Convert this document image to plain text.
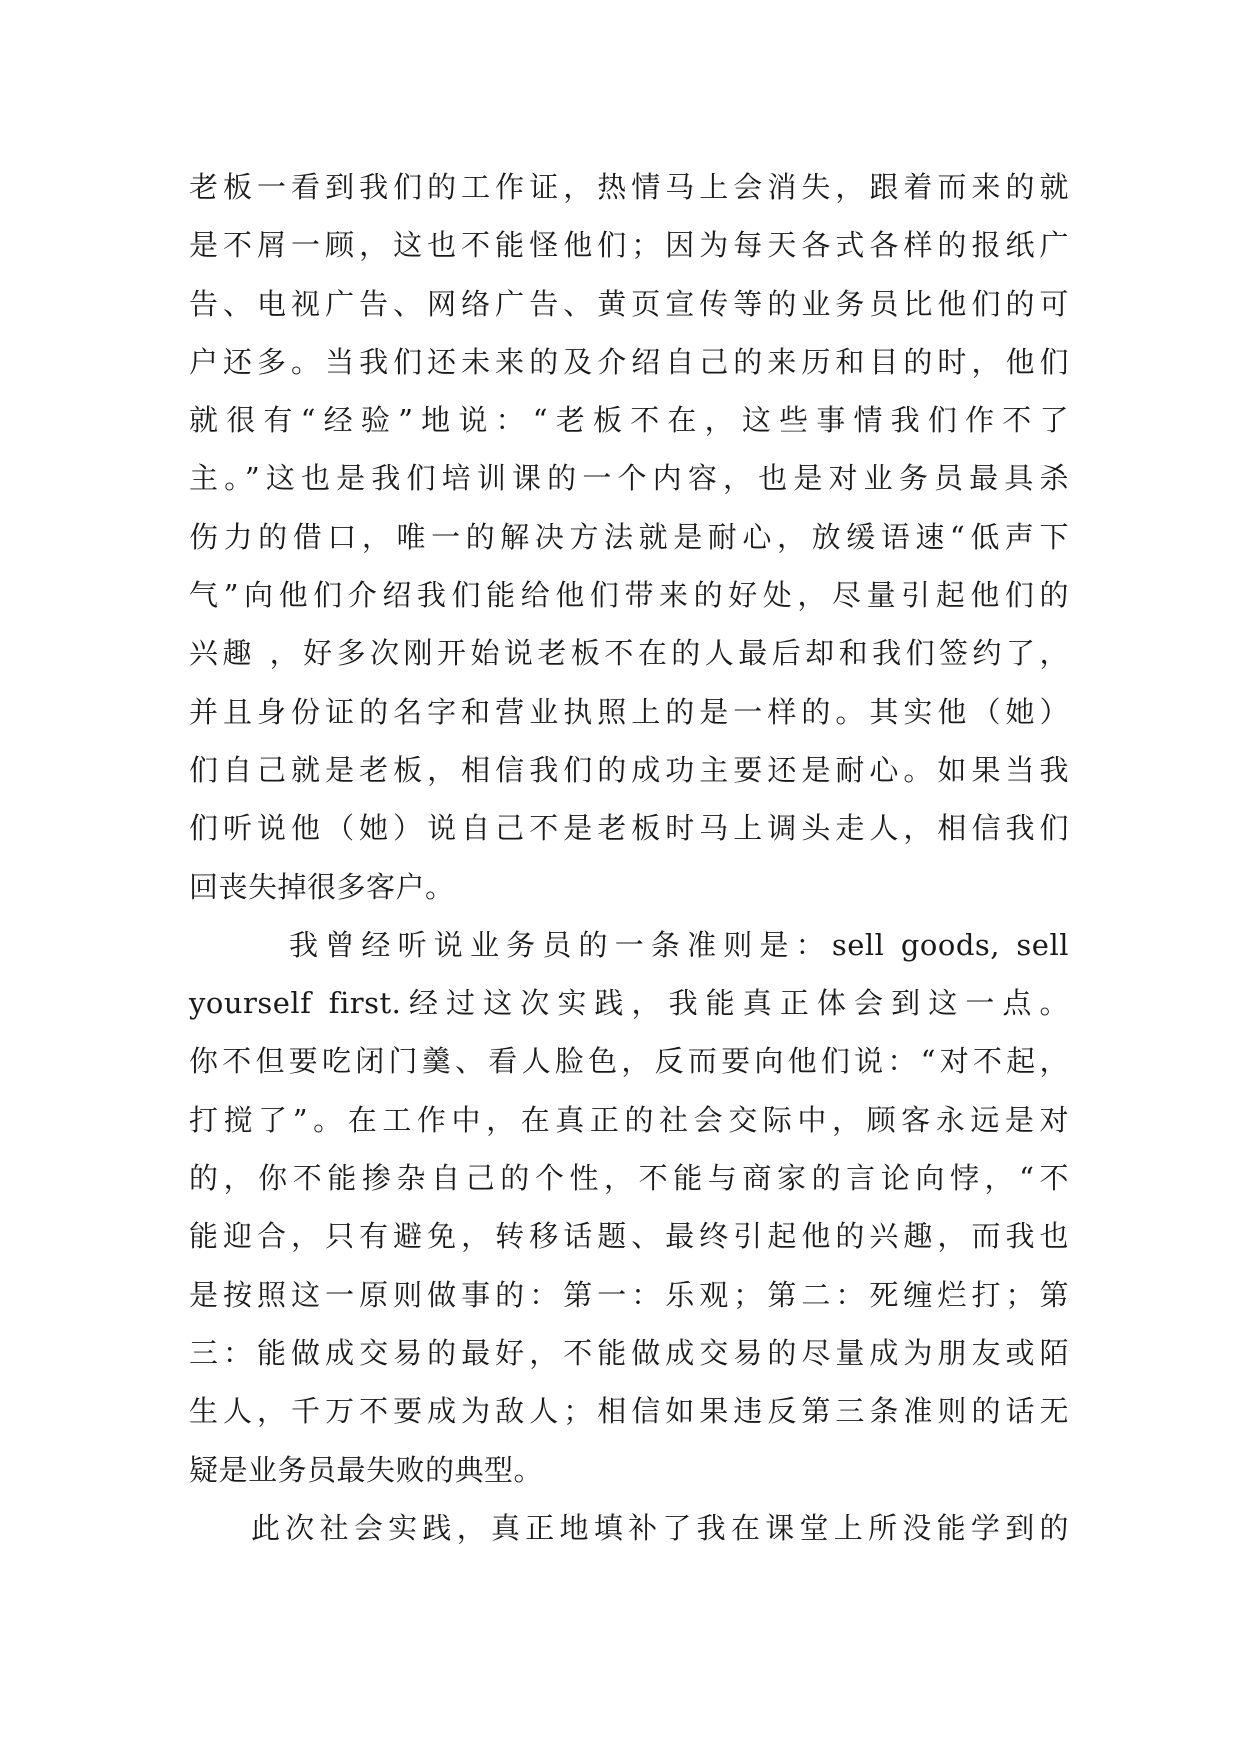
老板一看到我们的工作证，热情马上会消失，跟着而来的就
是不屑一顾，这也不能怪他们；因为每天各式各样的报纸广
告、电视广告、网络广告、黄页宣传等的业务员比他们的可
户还多。当我们还未来的及介绍自己的来历和目的时，他们
就很有“经验”地说：“老板不在，这些事情我们作不了
主。”这也是我们培训课的一个内容，也是对业务员最具杀
伤力的借口，唯一的解决方法就是耐心，放缓语速“低声下
气”向他们介绍我们能给他们带来的好处，尽量引起他们的
兴趣 ，好多次刚开始说老板不在的人最后却和我们签约了，
并且身份证的名字和营业执照上的是一样的。其实他（她）
们自己就是老板，相信我们的成功主要还是耐心。如果当我
们听说他（她）说自己不是老板时马上调头走人，相信我们
回丧失掉很多客户。
我曾经听说业务员的一条准则是：sell goods, sell
yourself first.经过这次实践，我能真正体会到这一点。
你不但要吃闭门羹、看人脸色，反而要向他们说：“对不起，
打搅了”。在工作中，在真正的社会交际中，顾客永远是对
的，你不能掺杂自己的个性，不能与商家的言论向悖，“不
能迎合，只有避免，转移话题、最终引起他的兴趣，而我也
是按照这一原则做事的：第一：乐观；第二：死缠烂打；第
三：能做成交易的最好，不能做成交易的尽量成为朋友或陌
生人，千万不要成为敌人；相信如果违反第三条准则的话无
疑是业务员最失败的典型。
此次社会实践，真正地填补了我在课堂上所没能学到的
